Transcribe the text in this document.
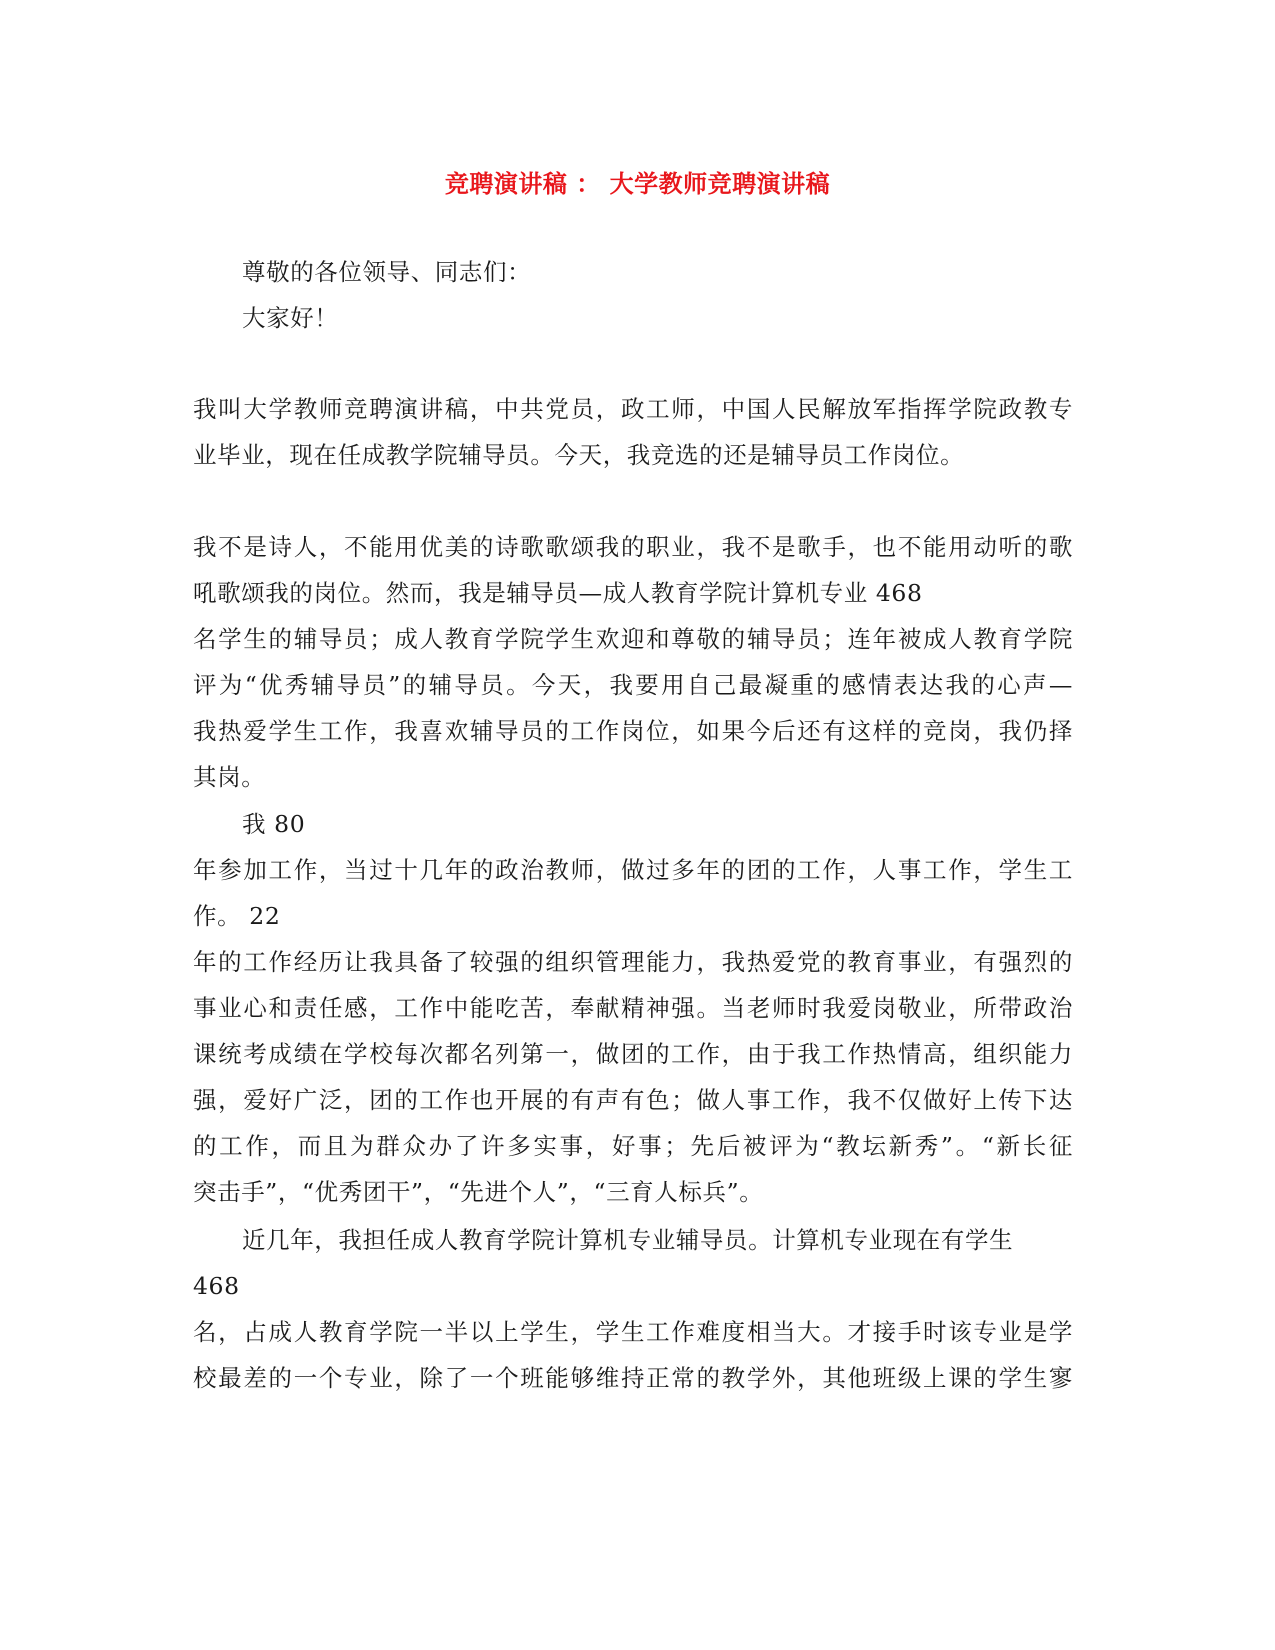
竞聘演讲稿 ： 大学教师竞聘演讲稿
尊敬的各位领导、同志们：
大家好！
我叫大学教师竞聘演讲稿，中共党员，政工师，中国人民解放军指挥学院政教专
业毕业，现在任成教学院辅导员。今天，我竞选的还是辅导员工作岗位。
我不是诗人，不能用优美的诗歌歌颂我的职业，我不是歌手，也不能用动听的歌
吼歌颂我的岗位。然而，我是辅导员—成人教育学院计算机专业 468
名学生的辅导员；成人教育学院学生欢迎和尊敬的辅导员；连年被成人教育学院
评为“优秀辅导员”的辅导员。今天，我要用自己最凝重的感情表达我的心声—
我热爱学生工作，我喜欢辅导员的工作岗位，如果今后还有这样的竞岗，我仍择
其岗。
我 80
年参加工作，当过十几年的政治教师，做过多年的团的工作，人事工作，学生工
作。 22
年的工作经历让我具备了较强的组织管理能力，我热爱党的教育事业，有强烈的
事业心和责任感，工作中能吃苦，奉献精神强。当老师时我爱岗敬业，所带政治
课统考成绩在学校每次都名列第一，做团的工作，由于我工作热情高，组织能力
强，爱好广泛，团的工作也开展的有声有色；做人事工作，我不仅做好上传下达
的工作，而且为群众办了许多实事，好事；先后被评为“教坛新秀”。“新长征
突击手”，“优秀团干”，“先进个人”，“三育人标兵”。
近几年，我担任成人教育学院计算机专业辅导员。计算机专业现在有学生
468
名，占成人教育学院一半以上学生，学生工作难度相当大。才接手时该专业是学
校最差的一个专业，除了一个班能够维持正常的教学外，其他班级上课的学生寥
